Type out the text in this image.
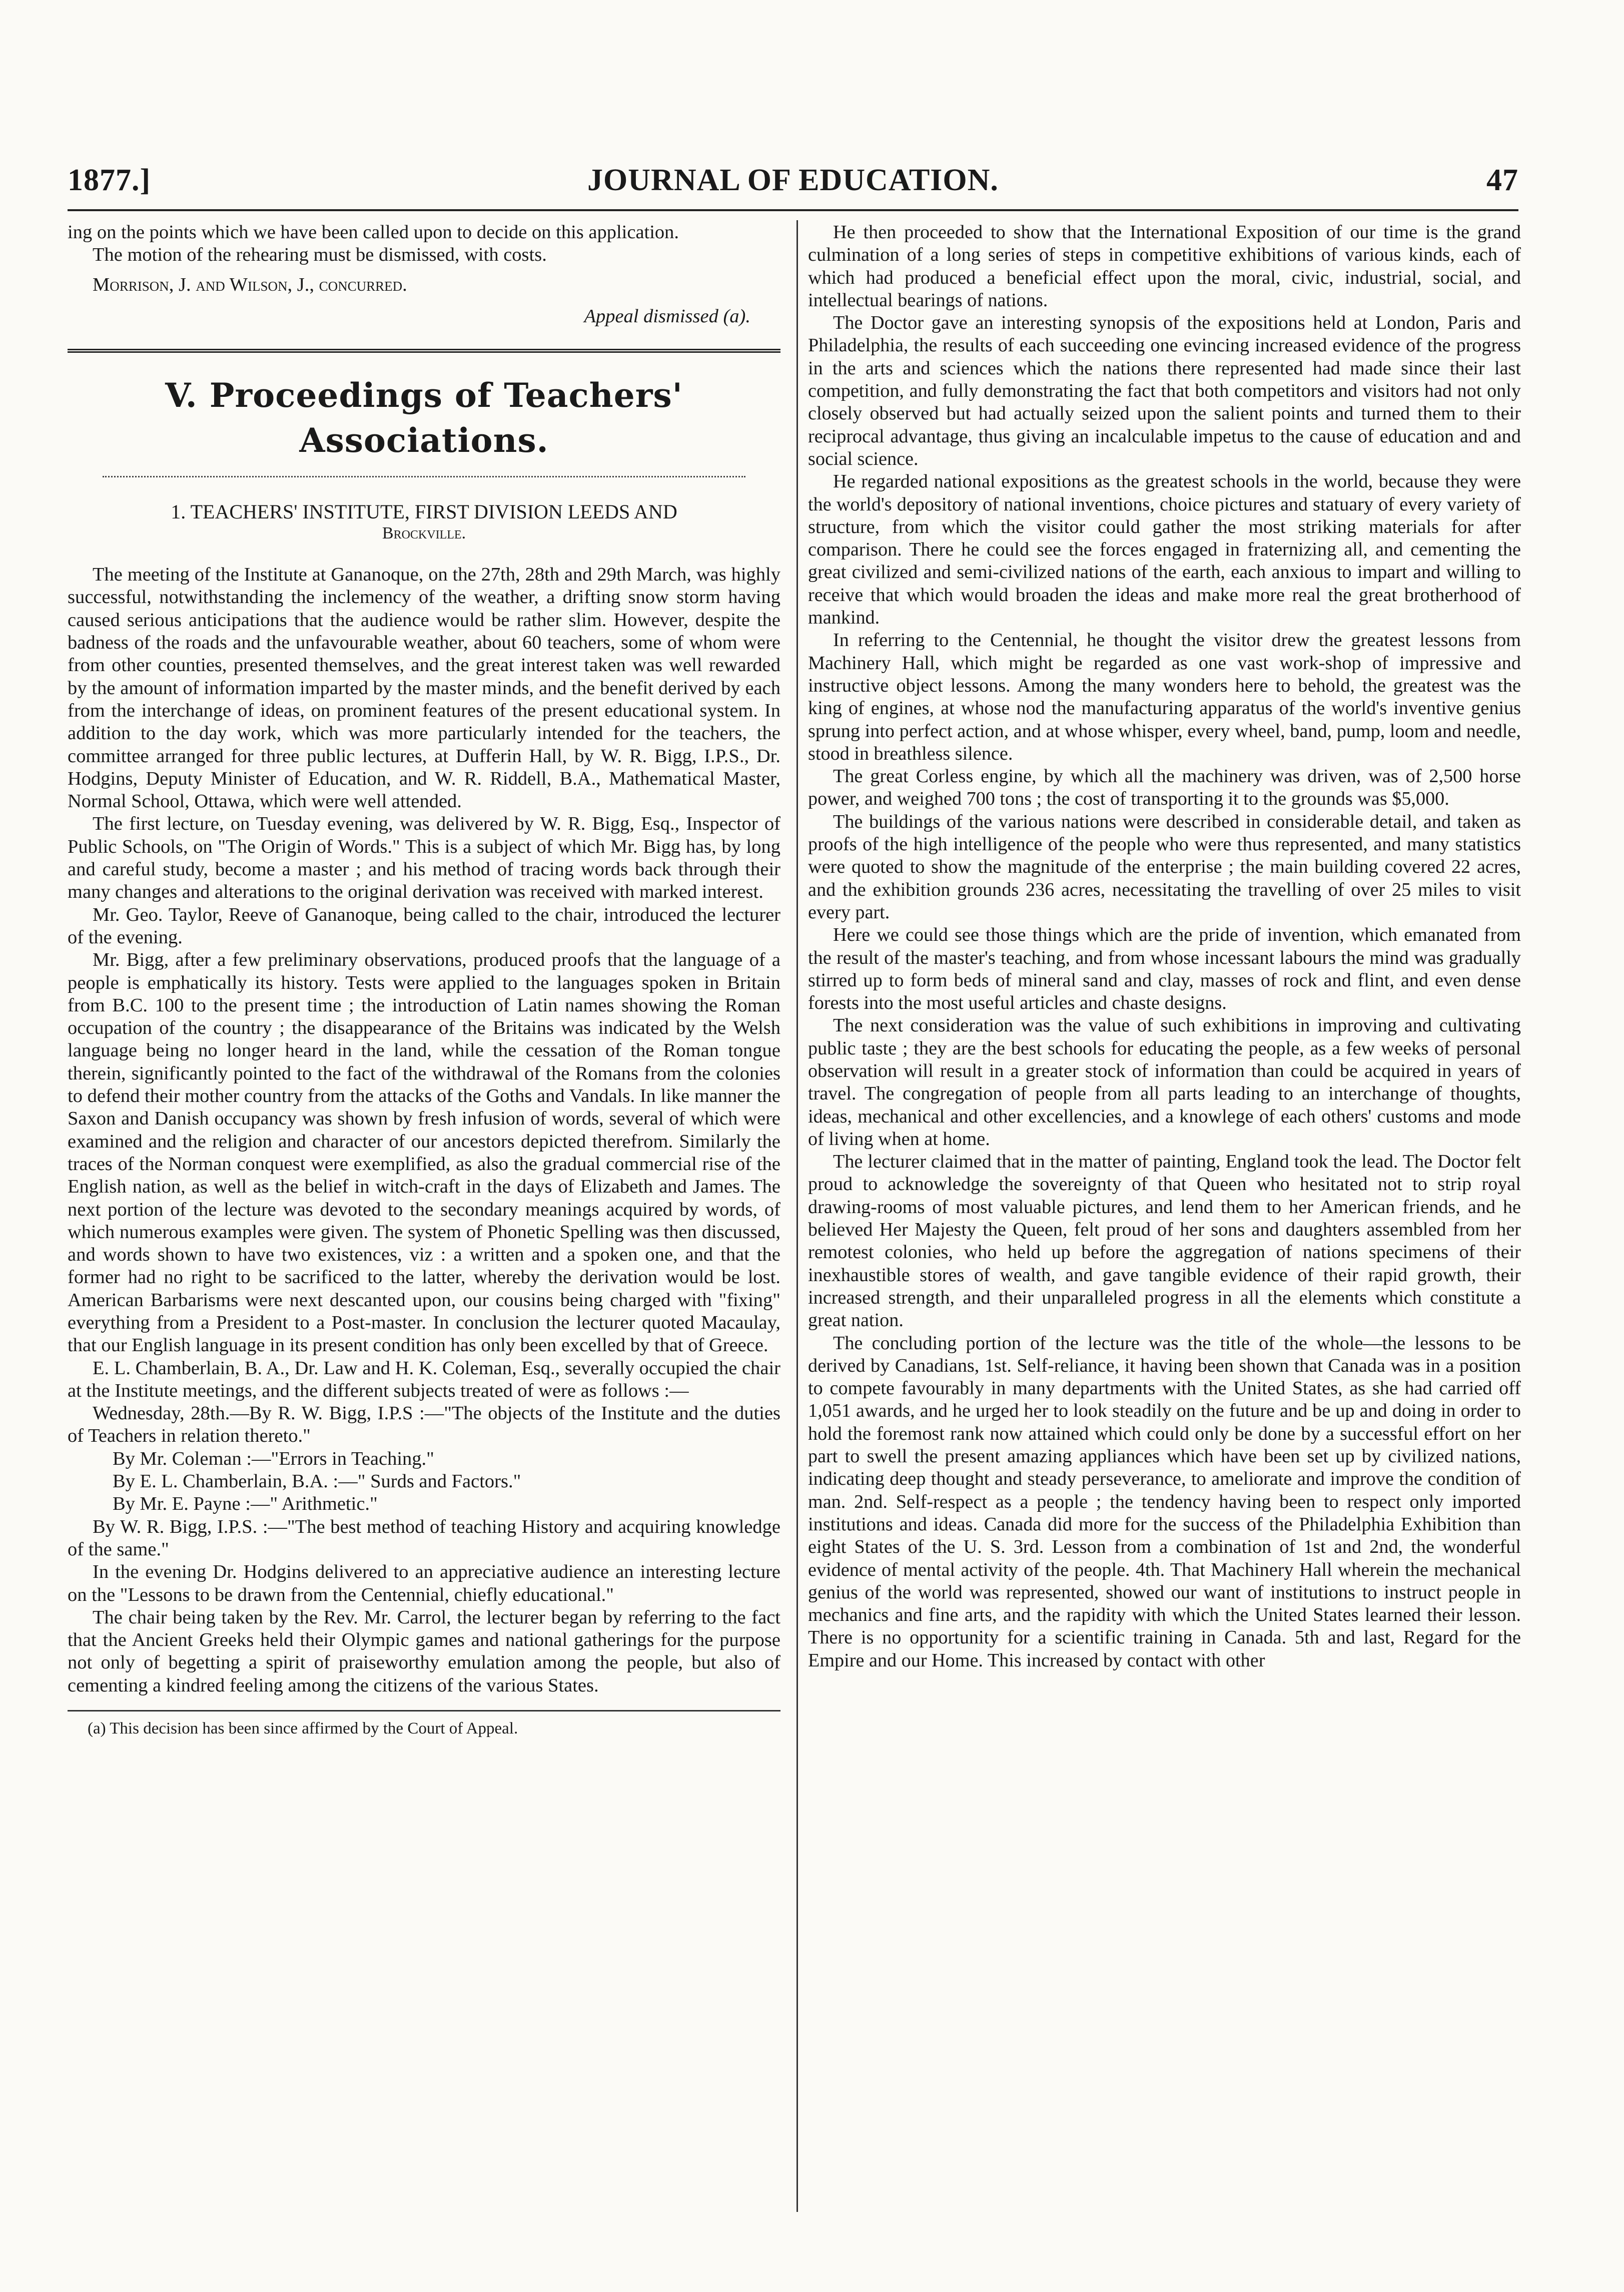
1877.]	JOURNAL OF EDUCATION.	47

ing on the points which we have been called upon to decide on this application.

The motion of the rehearing must be dismissed, with costs.

Morrison, J. and Wilson, J., concurred.

Appeal dismissed (a).

V. Proceedings of Teachers' Associations.

1. TEACHERS' INSTITUTE, FIRST DIVISION LEEDS AND

Brockville.

The meeting of the Institute at Gananoque, on the 27th, 28th and 29th March, was highly successful, notwithstanding the inclemency of the weather, a drifting snow storm having caused serious anticipations that the audience would be rather slim. However, despite the badness of the roads and the unfavourable weather, about 60 teachers, some of whom were from other counties, presented themselves, and the great interest taken was well rewarded by the amount of information imparted by the master minds, and the benefit derived by each from the interchange of ideas, on prominent features of the present educational system. In addition to the day work, which was more particularly intended for the teachers, the committee arranged for three public lectures, at Dufferin Hall, by W. R. Bigg, I.P.S., Dr. Hodgins, Deputy Minister of Education, and W. R. Riddell, B.A., Mathematical Master, Normal School, Ottawa, which were well attended.

The first lecture, on Tuesday evening, was delivered by W. R. Bigg, Esq., Inspector of Public Schools, on "The Origin of Words." This is a subject of which Mr. Bigg has, by long and careful study, become a master ; and his method of tracing words back through their many changes and alterations to the original derivation was received with marked interest.

Mr. Geo. Taylor, Reeve of Gananoque, being called to the chair, introduced the lecturer of the evening.

Mr. Bigg, after a few preliminary observations, produced proofs that the language of a people is emphatically its history. Tests were applied to the languages spoken in Britain from B.C. 100 to the present time ; the introduction of Latin names showing the Roman occupation of the country ; the disappearance of the Britains was indicated by the Welsh language being no longer heard in the land, while the cessation of the Roman tongue therein, significantly pointed to the fact of the withdrawal of the Romans from the colonies to defend their mother country from the attacks of the Goths and Vandals. In like manner the Saxon and Danish occupancy was shown by fresh infusion of words, several of which were examined and the religion and character of our ancestors depicted therefrom. Similarly the traces of the Norman conquest were exemplified, as also the gradual commercial rise of the English nation, as well as the belief in witch-craft in the days of Elizabeth and James. The next portion of the lecture was devoted to the secondary meanings acquired by words, of which numerous examples were given. The system of Phonetic Spelling was then discussed, and words shown to have two existences, viz : a written and a spoken one, and that the former had no right to be sacrificed to the latter, whereby the derivation would be lost. American Barbarisms were next descanted upon, our cousins being charged with "fixing" everything from a President to a Post-master. In conclusion the lecturer quoted Macaulay, that our English language in its present condition has only been excelled by that of Greece.

E. L. Chamberlain, B. A., Dr. Law and H. K. Coleman, Esq., severally occupied the chair at the Institute meetings, and the different subjects treated of were as follows :—

Wednesday, 28th.—By R. W. Bigg, I.P.S :—"The objects of the Institute and the duties of Teachers in relation thereto."

By Mr. Coleman :—"Errors in Teaching."

By E. L. Chamberlain, B.A. :—" Surds and Factors."

By Mr. E. Payne :—" Arithmetic."

By W. R. Bigg, I.P.S. :—"The best method of teaching History and acquiring knowledge of the same."

In the evening Dr. Hodgins delivered to an appreciative audience an interesting lecture on the "Lessons to be drawn from the Centennial, chiefly educational."

The chair being taken by the Rev. Mr. Carrol, the lecturer began by referring to the fact that the Ancient Greeks held their Olympic games and national gatherings for the purpose not only of begetting a spirit of praiseworthy emulation among the people, but also of cementing a kindred feeling among the citizens of the various States.

(a) This decision has been since affirmed by the Court of Appeal.

He then proceeded to show that the International Exposition of our time is the grand culmination of a long series of steps in competitive exhibitions of various kinds, each of which had produced a beneficial effect upon the moral, civic, industrial, social, and intellectual bearings of nations.

The Doctor gave an interesting synopsis of the expositions held at London, Paris and Philadelphia, the results of each succeeding one evincing increased evidence of the progress in the arts and sciences which the nations there represented had made since their last competition, and fully demonstrating the fact that both competitors and visitors had not only closely observed but had actually seized upon the salient points and turned them to their reciprocal advantage, thus giving an incalculable impetus to the cause of education and and social science.

He regarded national expositions as the greatest schools in the world, because they were the world's depository of national inventions, choice pictures and statuary of every variety of structure, from which the visitor could gather the most striking materials for after comparison. There he could see the forces engaged in fraternizing all, and cementing the great civilized and semi-civilized nations of the earth, each anxious to impart and willing to receive that which would broaden the ideas and make more real the great brotherhood of mankind.

In referring to the Centennial, he thought the visitor drew the greatest lessons from Machinery Hall, which might be regarded as one vast work-shop of impressive and instructive object lessons. Among the many wonders here to behold, the greatest was the king of engines, at whose nod the manufacturing apparatus of the world's inventive genius sprung into perfect action, and at whose whisper, every wheel, band, pump, loom and needle, stood in breathless silence.

The great Corless engine, by which all the machinery was driven, was of 2,500 horse power, and weighed 700 tons ; the cost of transporting it to the grounds was $5,000.

The buildings of the various nations were described in considerable detail, and taken as proofs of the high intelligence of the people who were thus represented, and many statistics were quoted to show the magnitude of the enterprise ; the main building covered 22 acres, and the exhibition grounds 236 acres, necessitating the travelling of over 25 miles to visit every part.

Here we could see those things which are the pride of invention, which emanated from the result of the master's teaching, and from whose incessant labours the mind was gradually stirred up to form beds of mineral sand and clay, masses of rock and flint, and even dense forests into the most useful articles and chaste designs.

The next consideration was the value of such exhibitions in improving and cultivating public taste ; they are the best schools for educating the people, as a few weeks of personal observation will result in a greater stock of information than could be acquired in years of travel. The congregation of people from all parts leading to an interchange of thoughts, ideas, mechanical and other excellencies, and a knowlege of each others' customs and mode of living when at home.

The lecturer claimed that in the matter of painting, England took the lead. The Doctor felt proud to acknowledge the sovereignty of that Queen who hesitated not to strip royal drawing-rooms of most valuable pictures, and lend them to her American friends, and he believed Her Majesty the Queen, felt proud of her sons and daughters assembled from her remotest colonies, who held up before the aggregation of nations specimens of their inexhaustible stores of wealth, and gave tangible evidence of their rapid growth, their increased strength, and their unparalleled progress in all the elements which constitute a great nation.

The concluding portion of the lecture was the title of the whole—the lessons to be derived by Canadians, 1st. Self-reliance, it having been shown that Canada was in a position to compete favourably in many departments with the United States, as she had carried off 1,051 awards, and he urged her to look steadily on the future and be up and doing in order to hold the foremost rank now attained which could only be done by a successful effort on her part to swell the present amazing appliances which have been set up by civilized nations, indicating deep thought and steady perseverance, to ameliorate and improve the condition of man. 2nd. Self-respect as a people ; the tendency having been to respect only imported institutions and ideas. Canada did more for the success of the Philadelphia Exhibition than eight States of the U. S. 3rd. Lesson from a combination of 1st and 2nd, the wonderful evidence of mental activity of the people. 4th. That Machinery Hall wherein the mechanical genius of the world was represented, showed our want of institutions to instruct people in mechanics and fine arts, and the rapidity with which the United States learned their lesson. There is no opportunity for a scientific training in Canada. 5th and last, Regard for the Empire and our Home. This increased by contact with other
